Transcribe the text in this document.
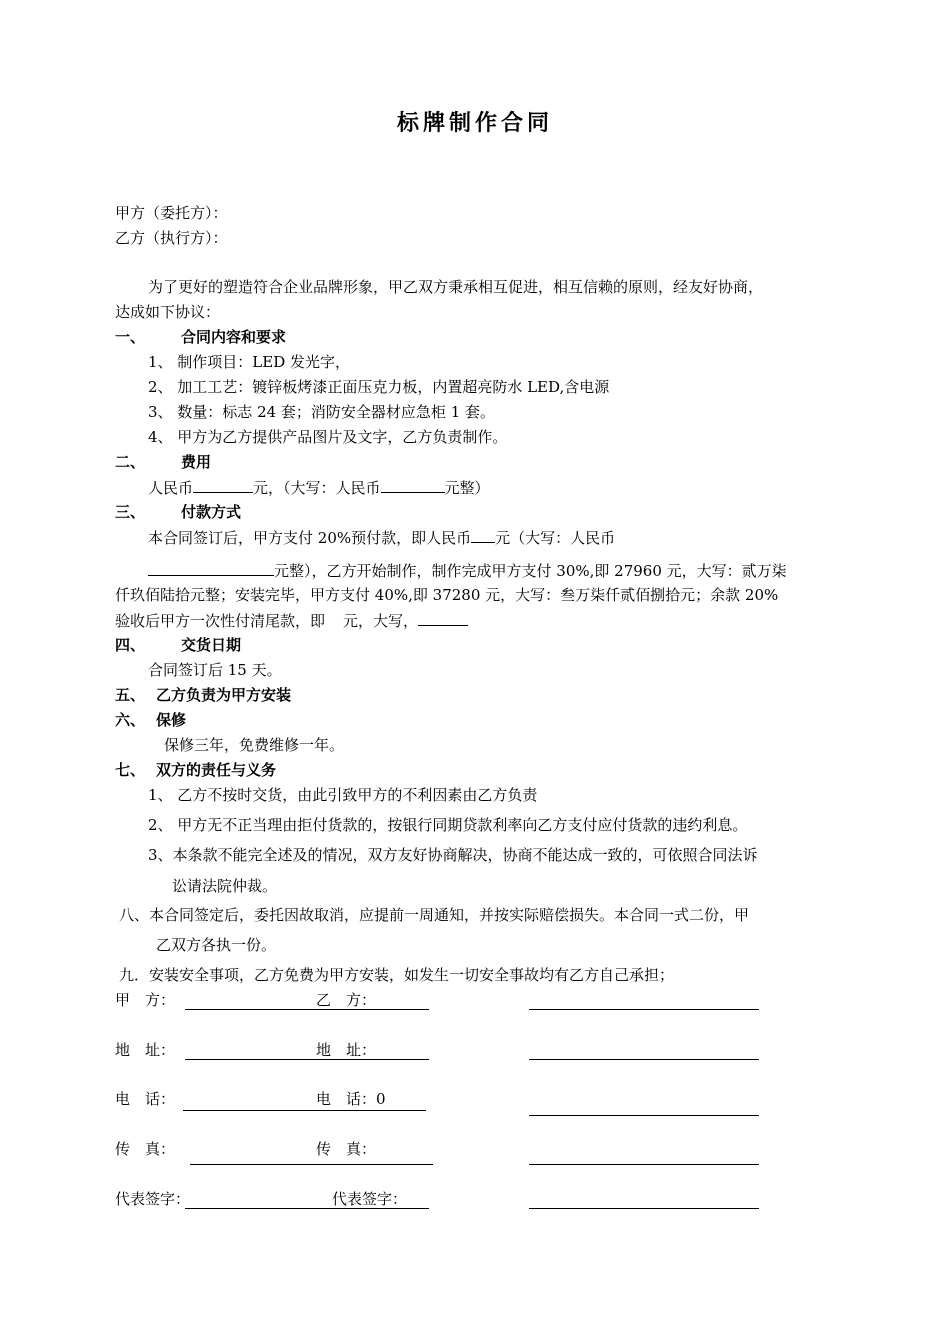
标牌制作合同
甲方（委托方）：
乙方（执行方）：
为了更好的塑造符合企业品牌形象，甲乙双方秉承相互促进，相互信赖的原则，经友好协商，
达成如下协议：
一、 合同内容和要求
1、 制作项目：LED 发光字，
2、 加工工艺：镀锌板烤漆正面压克力板，内置超亮防水 LED,含电源
3、 数量：标志 24 套；消防安全器材应急柜 1 套。
4、 甲方为乙方提供产品图片及文字，乙方负责制作。
二、 费用
人民币	元，（大写：人民币	元整）
三、 付款方式
本合同签订后，甲方支付 20%预付款，即人民币 元（大写：人民币
元整），乙方开始制作，制作完成甲方支付 30%,即 27960 元，大写：贰万柒
仟玖佰陆拾元整；安装完毕，甲方支付 40%,即 37280 元，大写：叁万柒仟贰佰捌拾元；余款 20%
验收后甲方一次性付清尾款，即 元，大写，
四、 交货日期
合同签订后 15 天。
五、 乙方负责为甲方安装
六、 保修
保修三年，免费维修一年。
七、 双方的责任与义务
1、 乙方不按时交货，由此引致甲方的不利因素由乙方负责
2、 甲方无不正当理由拒付货款的，按银行同期贷款利率向乙方支付应付货款的违约利息。
3、本条款不能完全述及的情况，双方友好协商解决，协商不能达成一致的，可依照合同法诉
讼请法院仲裁。
八、本合同签定后，委托因故取消，应提前一周通知，并按实际赔偿损失。本合同一式二份，甲
乙双方各执一份。
九．安装安全事项，乙方免费为甲方安装，如发生一切安全事故均有乙方自己承担；
甲　方：	乙　方：
地　址：	地　址：
电　话：	电　话：0
传　真：	传　真：
代表签字：	代表签字：
